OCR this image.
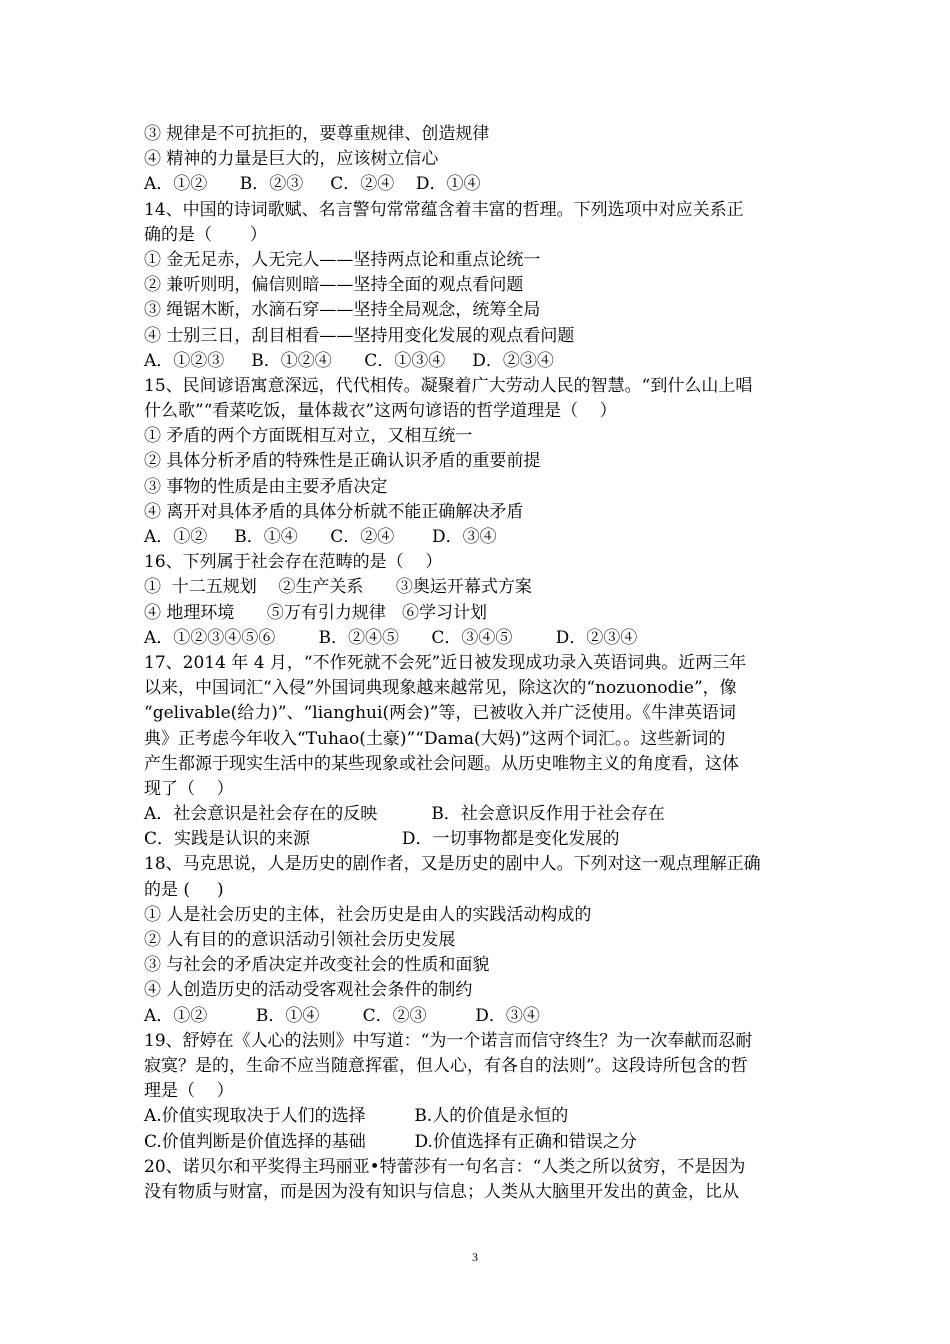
③ 规律是不可抗拒的，要尊重规律、创造规律
④ 精神的力量是巨大的，应该树立信心
A．①②      B．②③     C．②④    D．①④
14、中国的诗词歌赋、名言警句常常蕴含着丰富的哲理。下列选项中对应关系正
确的是（       ）
① 金无足赤，人无完人——坚持两点论和重点论统一
② 兼听则明，偏信则暗——坚持全面的观点看问题
③ 绳锯木断，水滴石穿——坚持全局观念，统筹全局
④ 士别三日，刮目相看——坚持用变化发展的观点看问题
A．①②③     B．①②④      C．①③④     D．②③④
15、民间谚语寓意深远，代代相传。凝聚着广大劳动人民的智慧。“到什么山上唱
什么歌”“看菜吃饭，量体裁衣”这两句谚语的哲学道理是（    ）
① 矛盾的两个方面既相互对立，又相互统一
② 具体分析矛盾的特殊性是正确认识矛盾的重要前提
③ 事物的性质是由主要矛盾决定
④ 离开对具体矛盾的具体分析就不能正确解决矛盾
A．①②     B．①④      C．②④       D．③④
16、下列属于社会存在范畴的是（    ）
①  十二五规划    ②生产关系      ③奥运开幕式方案
④ 地理环境      ⑤万有引力规律   ⑥学习计划
A．①②③④⑤⑥        B．②④⑤      C．③④⑤        D．②③④
17、2014 年 4 月，“不作死就不会死”近日被发现成功录入英语词典。近两三年
以来，中国词汇“入侵”外国词典现象越来越常见，除这次的“nozuonodie”，像
“gelivable(给力)”、“lianghui(两会)”等，已被收入并广泛使用。《牛津英语词
典》正考虑今年收入“Tuhao(土豪)”“Dama(大妈)”这两个词汇。。这些新词的
产生都源于现实生活中的某些现象或社会问题。从历史唯物主义的角度看，这体
现了（    ）
A．社会意识是社会存在的反映          B．社会意识反作用于社会存在
C．实践是认识的来源                 D．一切事物都是变化发展的
18、马克思说，人是历史的剧作者，又是历史的剧中人。下列对这一观点理解正确
的是 (     )
① 人是社会历史的主体，社会历史是由人的实践活动构成的
② 人有目的的意识活动引领社会历史发展
③ 与社会的矛盾决定并改变社会的性质和面貌
④ 人创造历史的活动受客观社会条件的制约
A．①②         B．①④        C．②③         D．③④
19、舒婷在《人心的法则》中写道：“为一个诺言而信守终生？为一次奉献而忍耐
寂寞？是的，生命不应当随意挥霍，但人心，有各自的法则”。这段诗所包含的哲
理是（    ）
A.价值实现取决于人们的选择         B.人的价值是永恒的
C.价值判断是价值选择的基础         D.价值选择有正确和错误之分
20、诺贝尔和平奖得主玛丽亚•特蕾莎有一句名言：“人类之所以贫穷，不是因为
没有物质与财富，而是因为没有知识与信息；人类从大脑里开发出的黄金，比从
3
